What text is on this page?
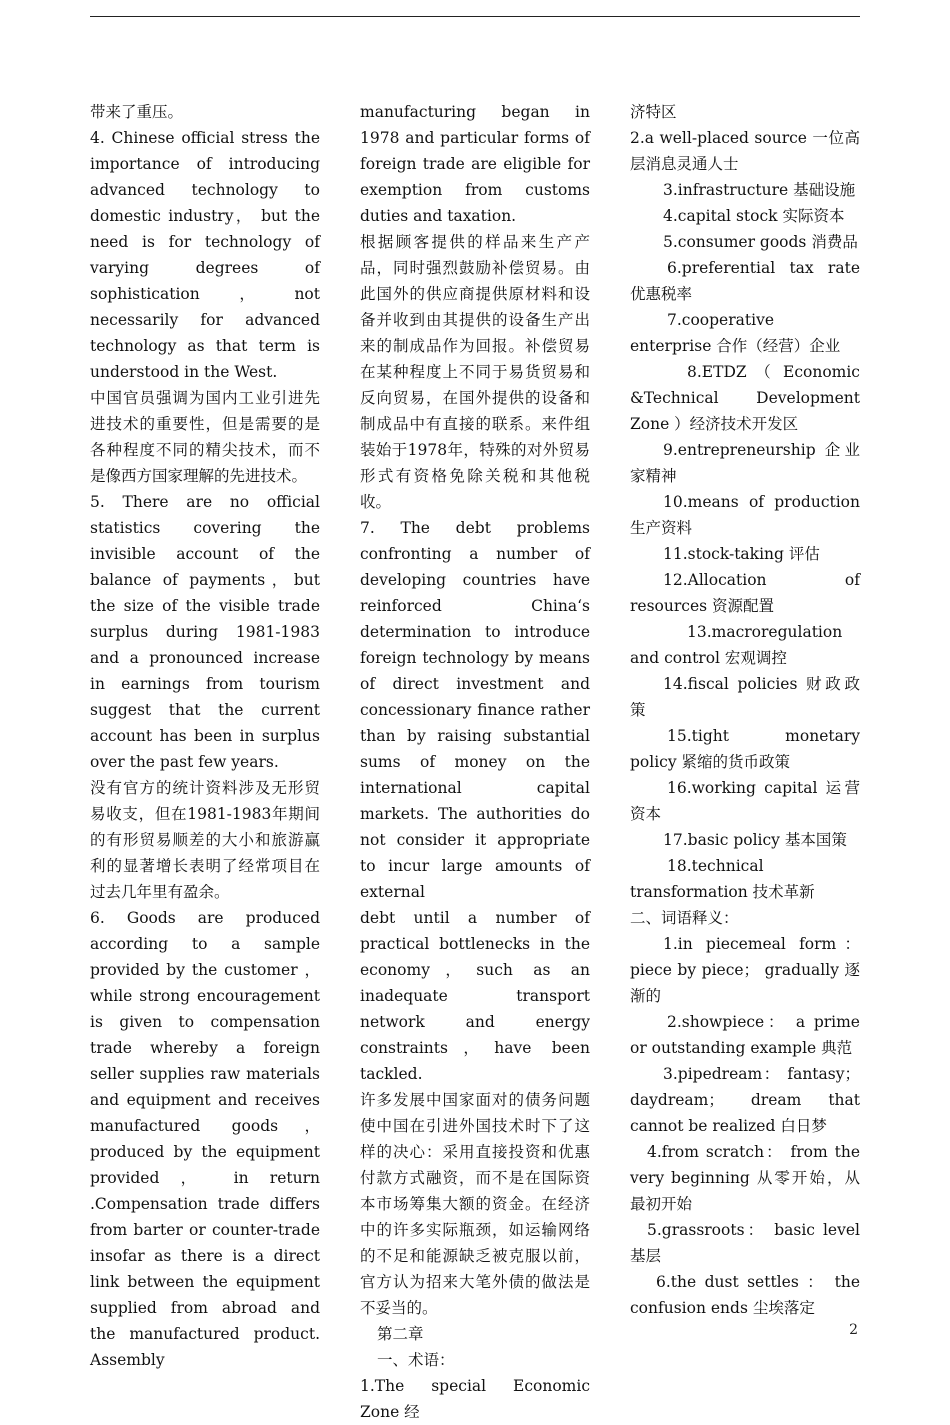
带来了重压。

4. Chinese official stress the importance of introducing advanced technology to domestic industry， but the need is for technology of varying degrees of sophistication，not necessarily for advanced technology as that term is understood in the West.

中国官员强调为国内工业引进先进技术的重要性，但是需要的是各种程度不同的精尖技术，而不是像西方国家理解的先进技术。

5. There are no official statistics covering the invisible account of the balance of payments，but the size of the visible trade surplus during 1981-1983 and a pronounced increase in earnings from tourism suggest that the current account has been in surplus over the past few years.

没有官方的统计资料涉及无形贸易收支，但在1981-1983年期间的有形贸易顺差的大小和旅游赢利的显著增长表明了经常项目在过去几年里有盈余。

6. Goods are produced according to a sample provided by the customer ， while strong encouragement is given to compensation trade whereby a foreign seller supplies raw materials and equipment and receives manufactured goods，produced by the equipment provided ， in return .Compensation trade differs from barter or counter-trade insofar as there is a direct link between the equipment supplied from abroad and the manufactured product. Assembly

manufacturing began in 1978 and particular forms of foreign trade are eligible for exemption from customs duties and taxation.

根据顾客提供的样品来生产产品，同时强烈鼓励补偿贸易。由此国外的供应商提供原材料和设备并收到由其提供的设备生产出来的制成品作为回报。补偿贸易在某种程度上不同于易货贸易和反向贸易，在国外提供的设备和制成品中有直接的联系。来件组装始于1978年，特殊的对外贸易形式有资格免除关税和其他税收。

7. The debt problems confronting a number of developing countries have reinforced China‘s determination to introduce foreign technology by means of direct investment and concessionary finance rather than by raising substantial sums of money on the international capital markets. The authorities do not consider it appropriate to incur large amounts of external

debt until a number of practical bottlenecks in the economy，such as an inadequate transport network and energy constraints，have been tackled.

许多发展中国家面对的债务问题使中国在引进外国技术时下了这样的决心：采用直接投资和优惠付款方式融资，而不是在国际资本市场筹集大额的资金。在经济中的许多实际瓶颈，如运输网络的不足和能源缺乏被克服以前，官方认为招来大笔外债的做法是不妥当的。

第二章

一、术语：

1.The special Economic Zone 经

济特区

2.a well-placed source 一位高层消息灵通人士

3.infrastructure 基础设施

4.capital stock 实际资本

5.consumer goods 消费品

6.preferential tax rate 优惠税率

7.cooperative enterprise 合作（经营）企业

8.ETDZ （ Economic &Technical Development Zone ）经济技术开发区

9.entrepreneurship 企业家精神

10.means of production 生产资料

11.stock-taking 评估

12.Allocation of resources 资源配置

13.macroregulation and control 宏观调控

14.fiscal policies 财政政策

15.tight monetary policy 紧缩的货币政策

16.working capital 运营资本

17.basic policy 基本国策

18.technical transformation 技术革新

二、词语释义：

1.in piecemeal form： piece by piece； gradually 逐渐的

2.showpiece： a prime or outstanding example 典范

3.pipedream： fantasy；daydream； dream that cannot be realized 白日梦

4.from scratch： from the very beginning 从零开始，从最初开始

5.grassroots： basic level 基层

6.the dust settles ： the confusion ends 尘埃落定

2
